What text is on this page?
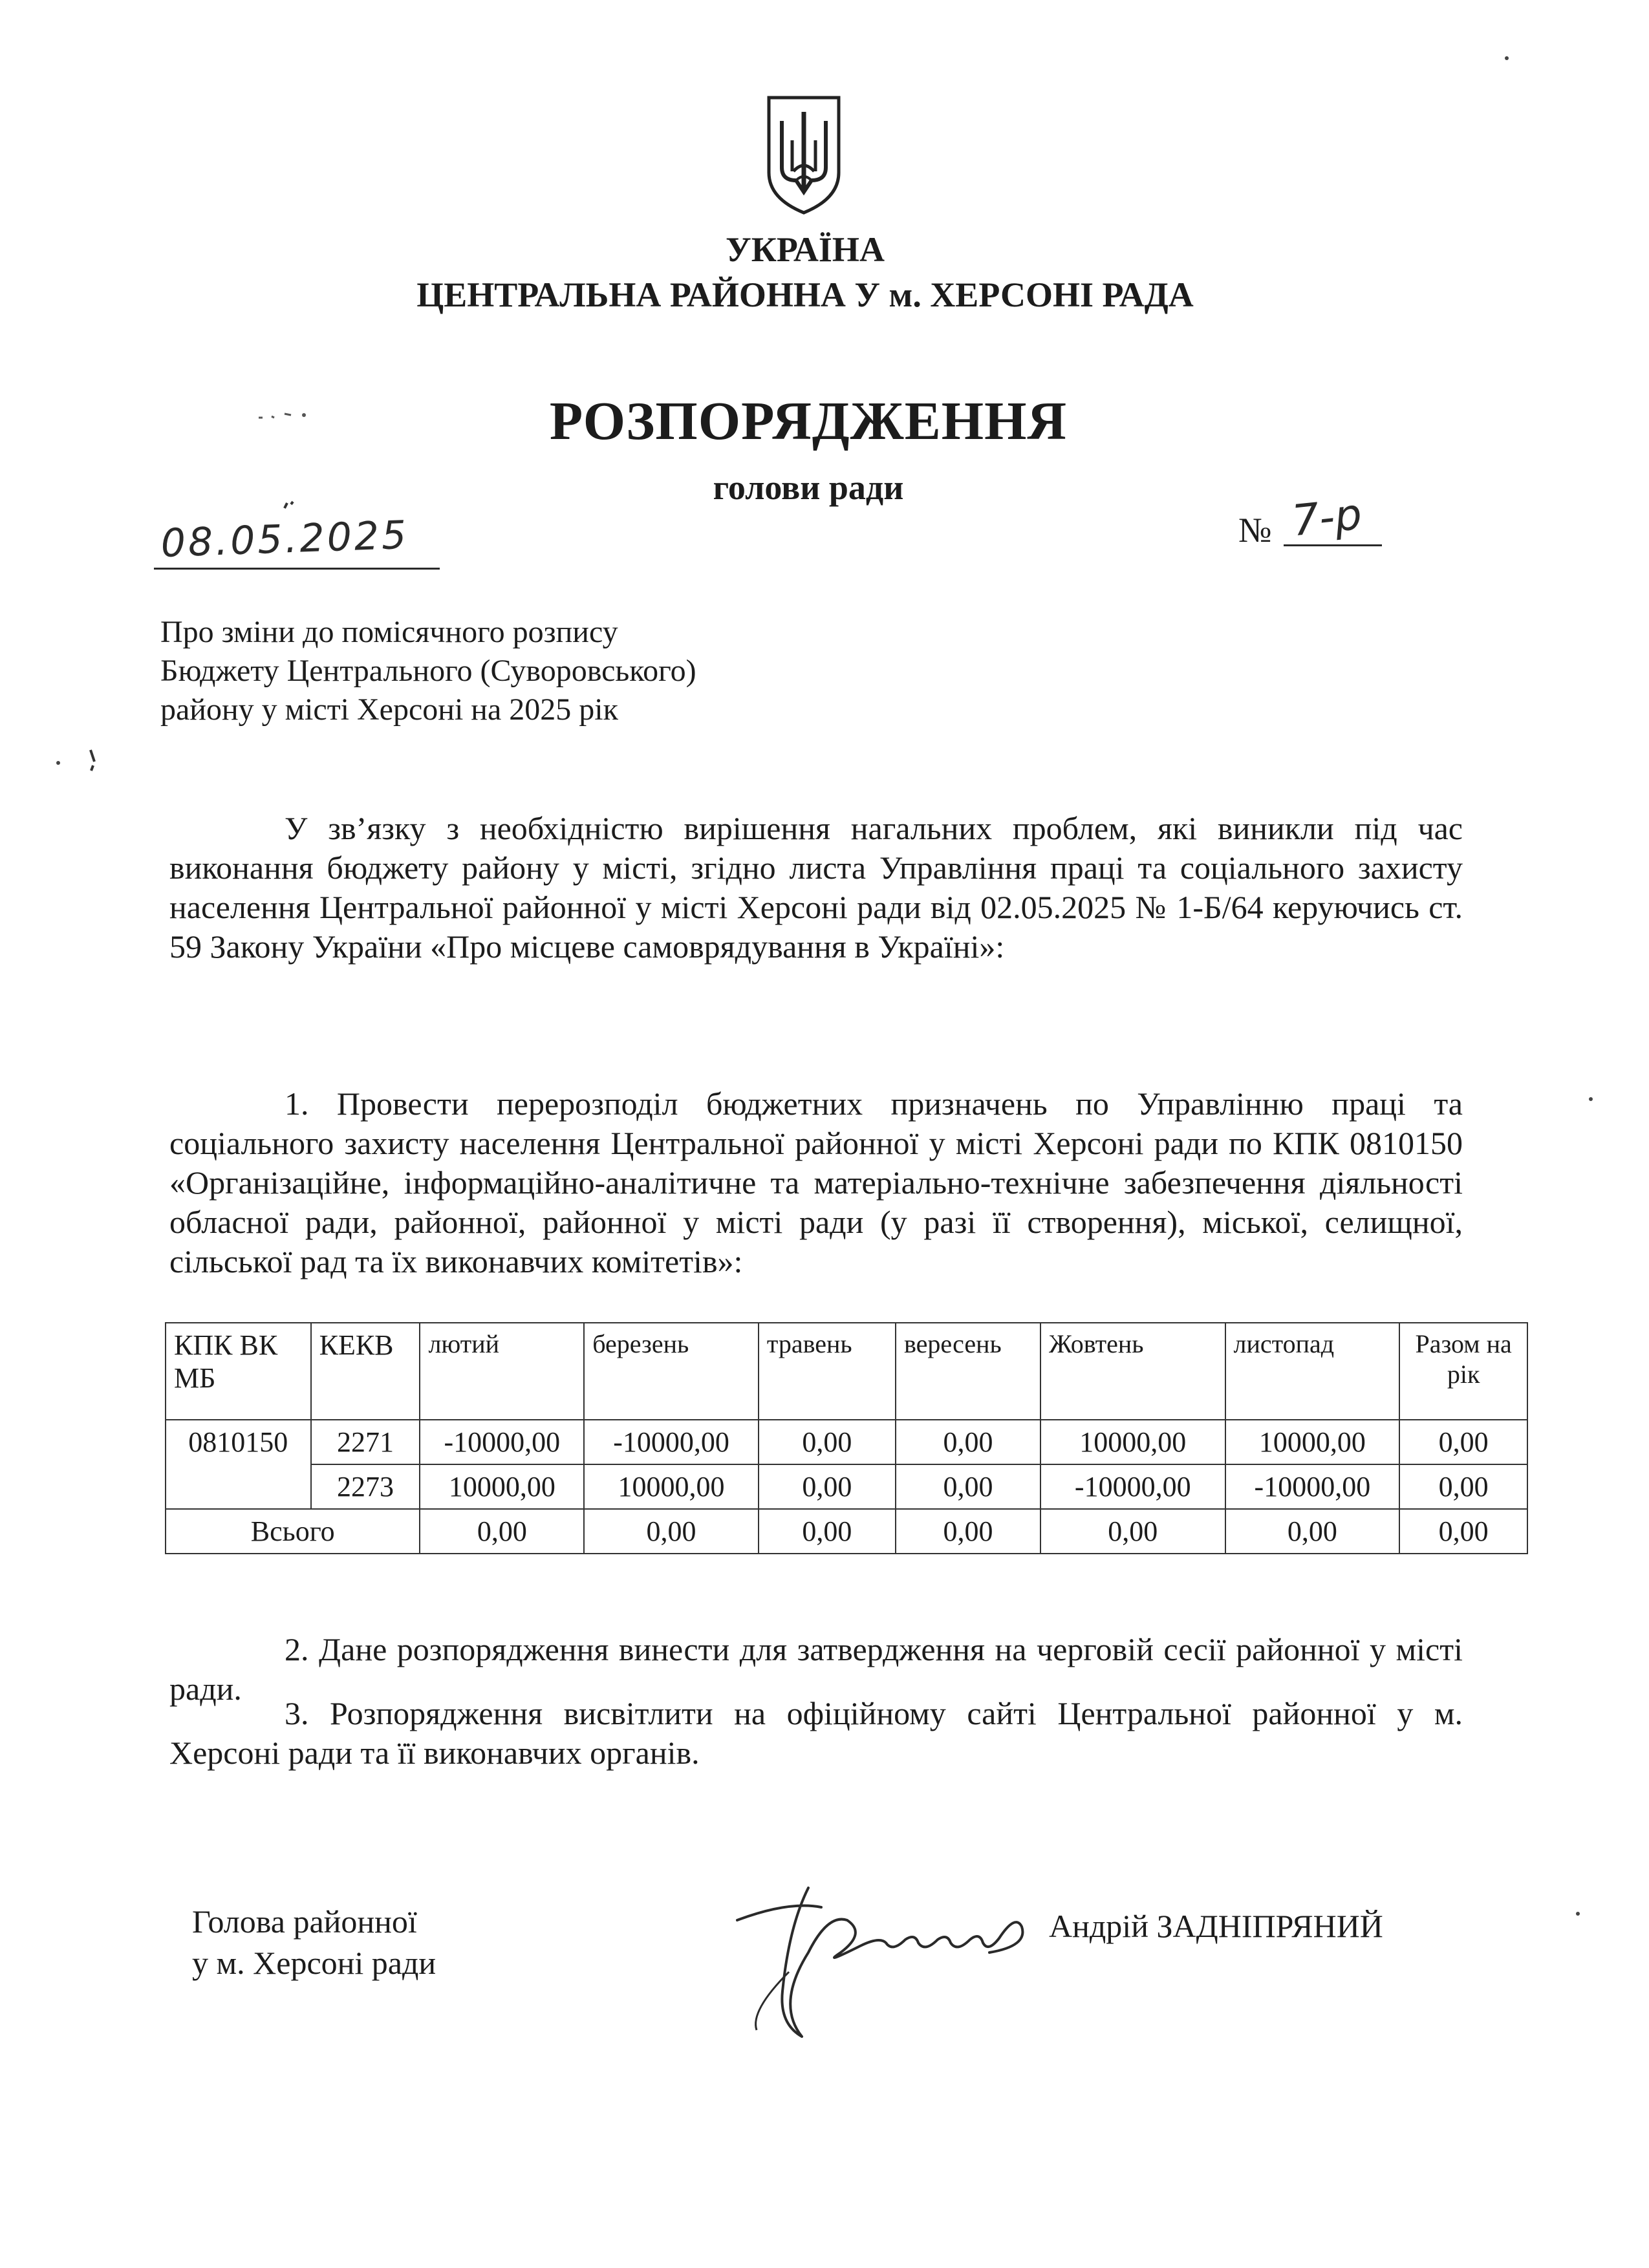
УКРАЇНА
ЦЕНТРАЛЬНА РАЙОННА У м. ХЕРСОНІ РАДА
РОЗПОРЯДЖЕННЯ
голови ради
08.05.2025	№ 7-р
Про зміни до помісячного розпису
Бюджету Центрального (Суворовського)
району у місті Херсоні на 2025 рік
У зв’язку з необхідністю вирішення нагальних проблем, які виникли під час виконання бюджету району у місті, згідно листа Управління праці та соціального захисту населення Центральної районної у місті Херсоні ради від 02.05.2025 № 1-Б/64 керуючись ст. 59 Закону України «Про місцеве самоврядування в Україні»:
1. Провести перерозподіл бюджетних призначень по Управлінню праці та соціального захисту населення Центральної районної у місті Херсоні ради по КПК 0810150 «Організаційне, інформаційно-аналітичне та матеріально-технічне забезпечення діяльності обласної ради, районної, районної у місті ради (у разі її створення), міської, селищної, сільської рад та їх виконавчих комітетів»:
КПК ВК МБ	КЕКВ	лютий	березень	травень	вересень	Жовтень	листопад	Разом на рік
0810150	2271	-10000,00	-10000,00	0,00	0,00	10000,00	10000,00	0,00
	2273	10000,00	10000,00	0,00	0,00	-10000,00	-10000,00	0,00
Всього		0,00	0,00	0,00	0,00	0,00	0,00	0,00
2. Дане розпорядження винести для затвердження на черговій сесії районної у місті ради.
3. Розпорядження висвітлити на офіційному сайті Центральної районної у м. Херсоні ради та її виконавчих органів.
Голова районної
у м. Херсоні ради
Андрій ЗАДНІПРЯНИЙ
